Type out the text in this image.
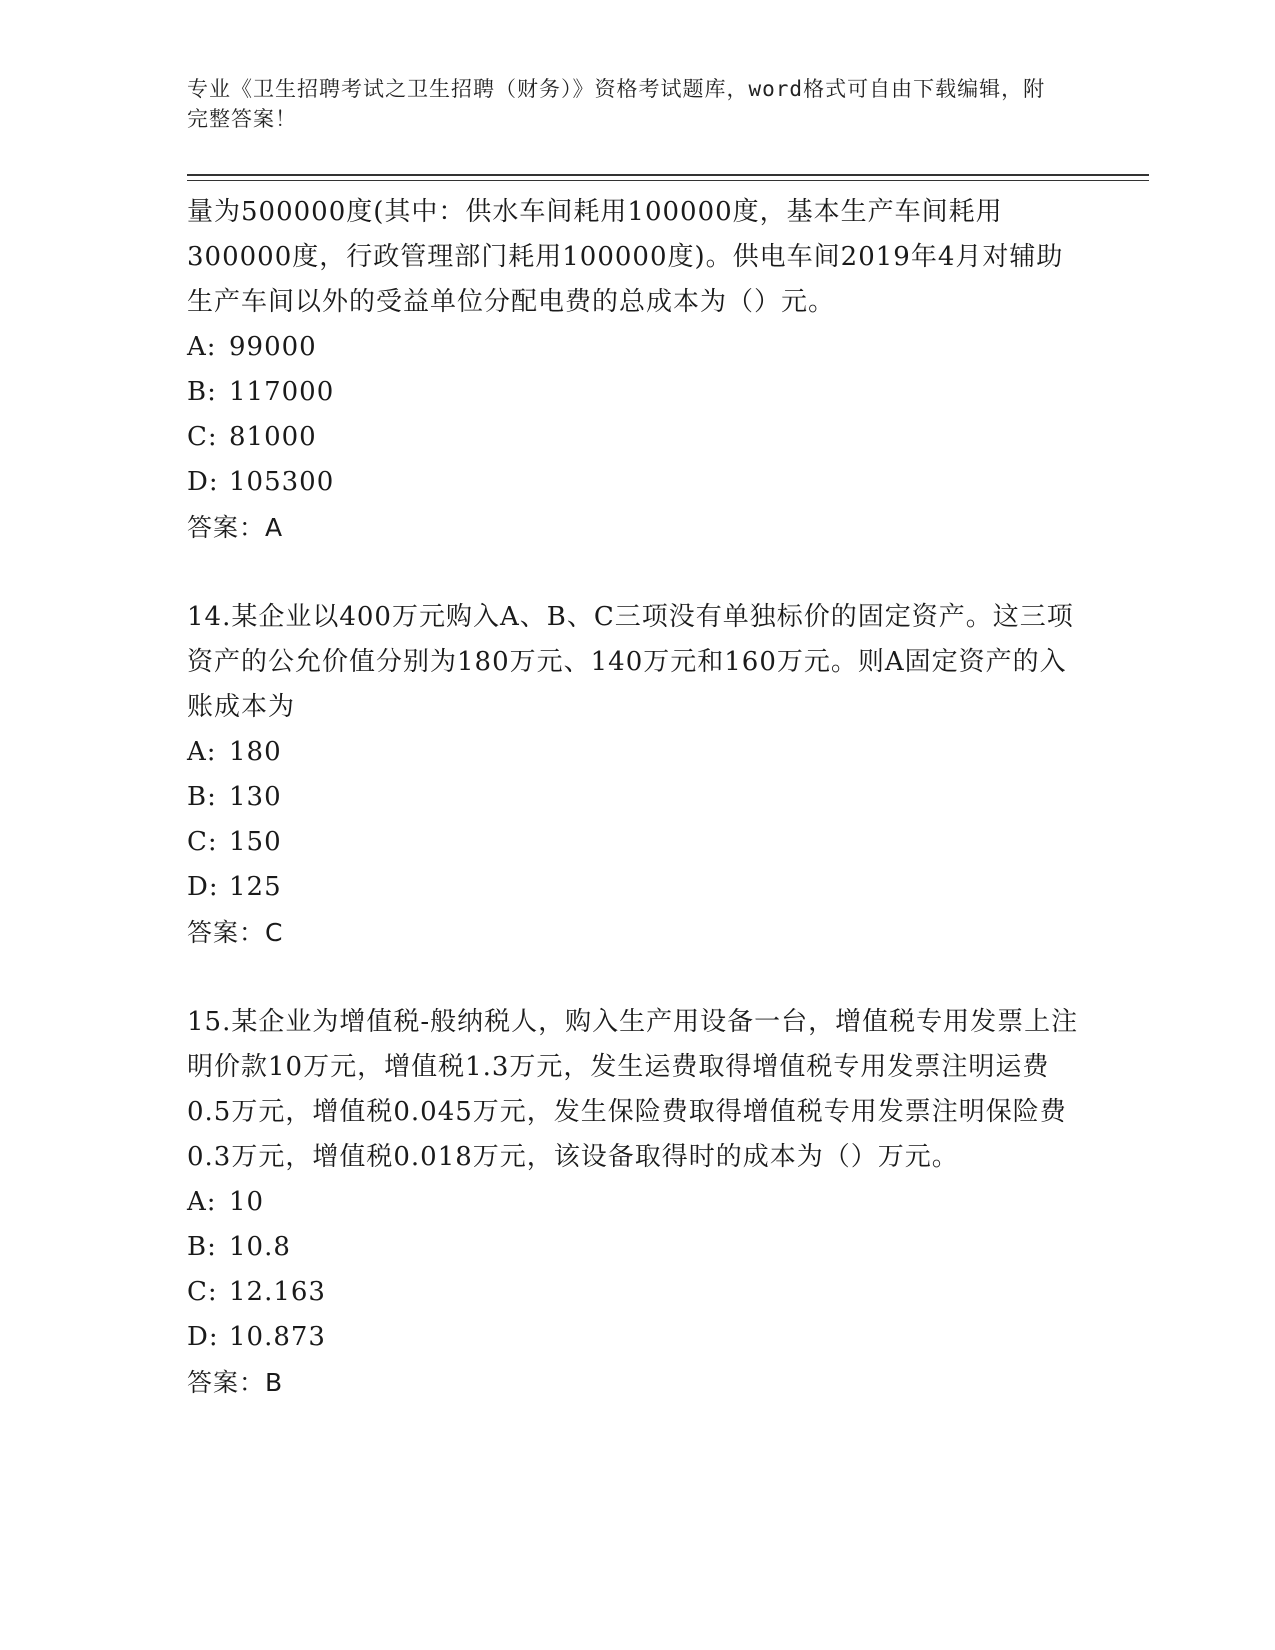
专业《卫生招聘考试之卫生招聘（财务）》资格考试题库，word格式可自由下载编辑，附完整答案！

量为500000度(其中：供水车间耗用100000度，基本生产车间耗用300000度，行政管理部门耗用100000度)。供电车间2019年4月对辅助生产车间以外的受益单位分配电费的总成本为（）元。

A: 99000
B: 117000
C: 81000
D: 105300
答案：A

14.某企业以400万元购入A、B、C三项没有单独标价的固定资产。这三项资产的公允价值分别为180万元、140万元和160万元。则A固定资产的入账成本为

A: 180
B: 130
C: 150
D: 125
答案：C

15.某企业为增值税-般纳税人，购入生产用设备一台，增值税专用发票上注明价款10万元，增值税1.3万元，发生运费取得增值税专用发票注明运费0.5万元，增值税0.045万元，发生保险费取得增值税专用发票注明保险费0.3万元，增值税0.018万元，该设备取得时的成本为（）万元。

A: 10
B: 10.8
C: 12.163
D: 10.873
答案：B
